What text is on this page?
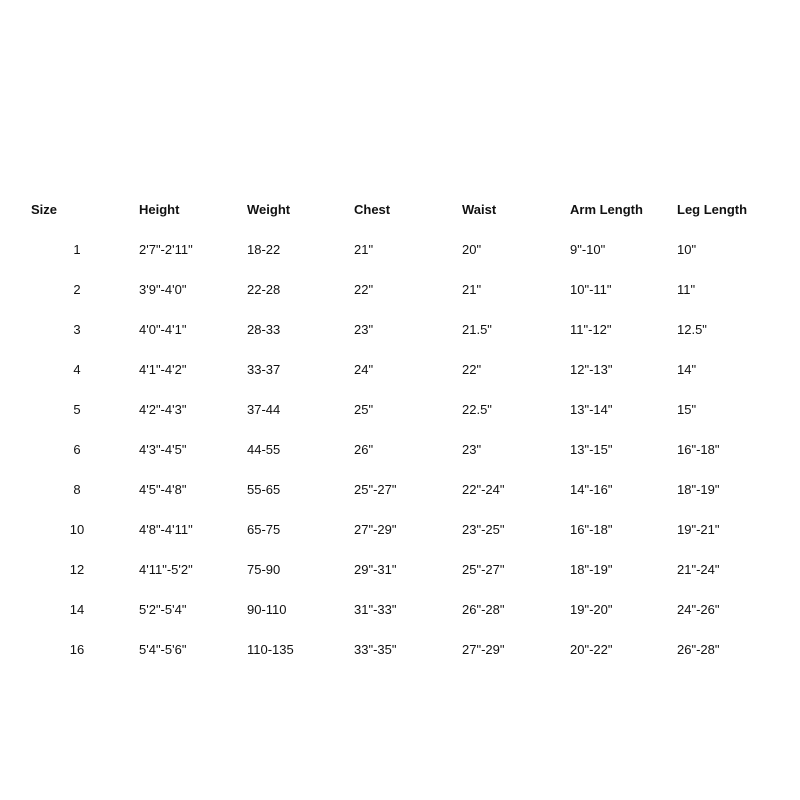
Size	Height	Weight	Chest	Waist	Arm Length	Leg Length
1	2'7"-2'11"	18-22	21"	20"	9"-10"	10"
2	3'9"-4'0"	22-28	22"	21"	10"-11"	11"
3	4'0"-4'1"	28-33	23"	21.5"	11"-12"	12.5"
4	4'1"-4'2"	33-37	24"	22"	12"-13"	14"
5	4'2"-4'3"	37-44	25"	22.5"	13"-14"	15"
6	4'3"-4'5"	44-55	26"	23"	13"-15"	16"-18"
8	4'5"-4'8"	55-65	25"-27"	22"-24"	14"-16"	18"-19"
10	4'8"-4'11"	65-75	27"-29"	23"-25"	16"-18"	19"-21"
12	4'11"-5'2"	75-90	29"-31"	25"-27"	18"-19"	21"-24"
14	5'2"-5'4"	90-110	31"-33"	26"-28"	19"-20"	24"-26"
16	5'4"-5'6"	110-135	33"-35"	27"-29"	20"-22"	26"-28"
